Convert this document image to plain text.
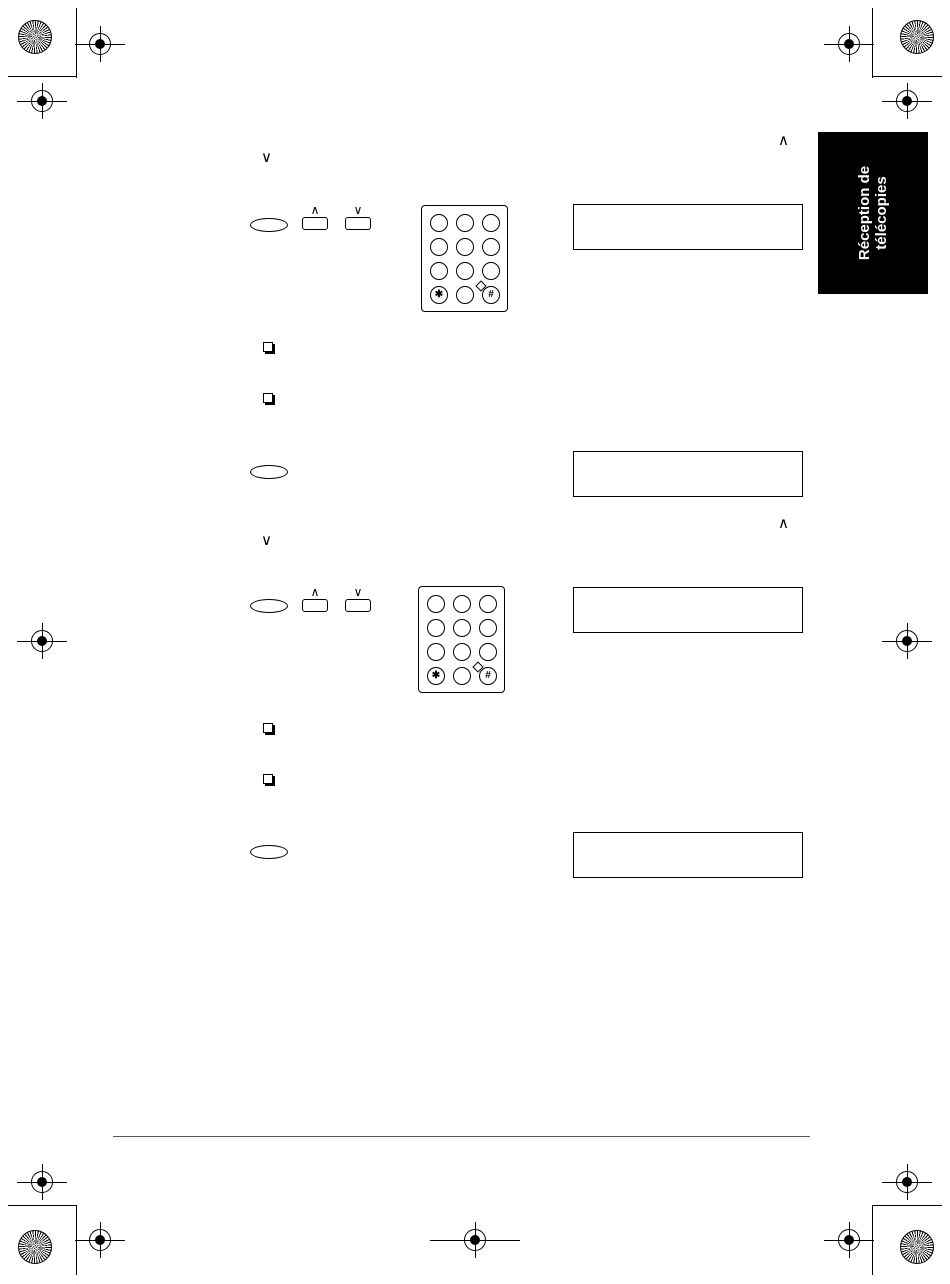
Réception de
télécopies
∧
∨
∧	∨
✱	#
∧
∨
∧	∨
✱	#
